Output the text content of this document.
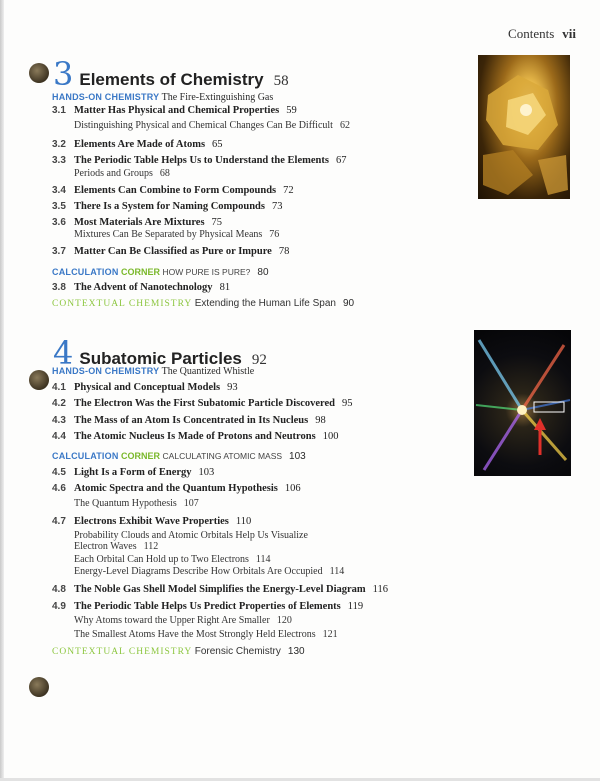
Contents vii
3 Elements of Chemistry 58
HANDS-ON CHEMISTRY The Fire-Extinguishing Gas
3.1 Matter Has Physical and Chemical Properties 59
Distinguishing Physical and Chemical Changes Can Be Difficult 62
3.2 Elements Are Made of Atoms 65
3.3 The Periodic Table Helps Us to Understand the Elements 67
Periods and Groups 68
3.4 Elements Can Combine to Form Compounds 72
3.5 There Is a System for Naming Compounds 73
3.6 Most Materials Are Mixtures 75
Mixtures Can Be Separated by Physical Means 76
3.7 Matter Can Be Classified as Pure or Impure 78
CALCULATION CORNER HOW PURE IS PURE? 80
3.8 The Advent of Nanotechnology 81
CONTEXTUAL CHEMISTRY Extending the Human Life Span 90
4 Subatomic Particles 92
HANDS-ON CHEMISTRY The Quantized Whistle
4.1 Physical and Conceptual Models 93
4.2 The Electron Was the First Subatomic Particle Discovered 95
4.3 The Mass of an Atom Is Concentrated in Its Nucleus 98
4.4 The Atomic Nucleus Is Made of Protons and Neutrons 100
CALCULATION CORNER CALCULATING ATOMIC MASS 103
4.5 Light Is a Form of Energy 103
4.6 Atomic Spectra and the Quantum Hypothesis 106
The Quantum Hypothesis 107
4.7 Electrons Exhibit Wave Properties 110
Probability Clouds and Atomic Orbitals Help Us Visualize
Electron Waves 112
Each Orbital Can Hold up to Two Electrons 114
Energy-Level Diagrams Describe How Orbitals Are Occupied 114
4.8 The Noble Gas Shell Model Simplifies the Energy-Level Diagram 116
4.9 The Periodic Table Helps Us Predict Properties of Elements 119
Why Atoms toward the Upper Right Are Smaller 120
The Smallest Atoms Have the Most Strongly Held Electrons 121
CONTEXTUAL CHEMISTRY Forensic Chemistry 130
